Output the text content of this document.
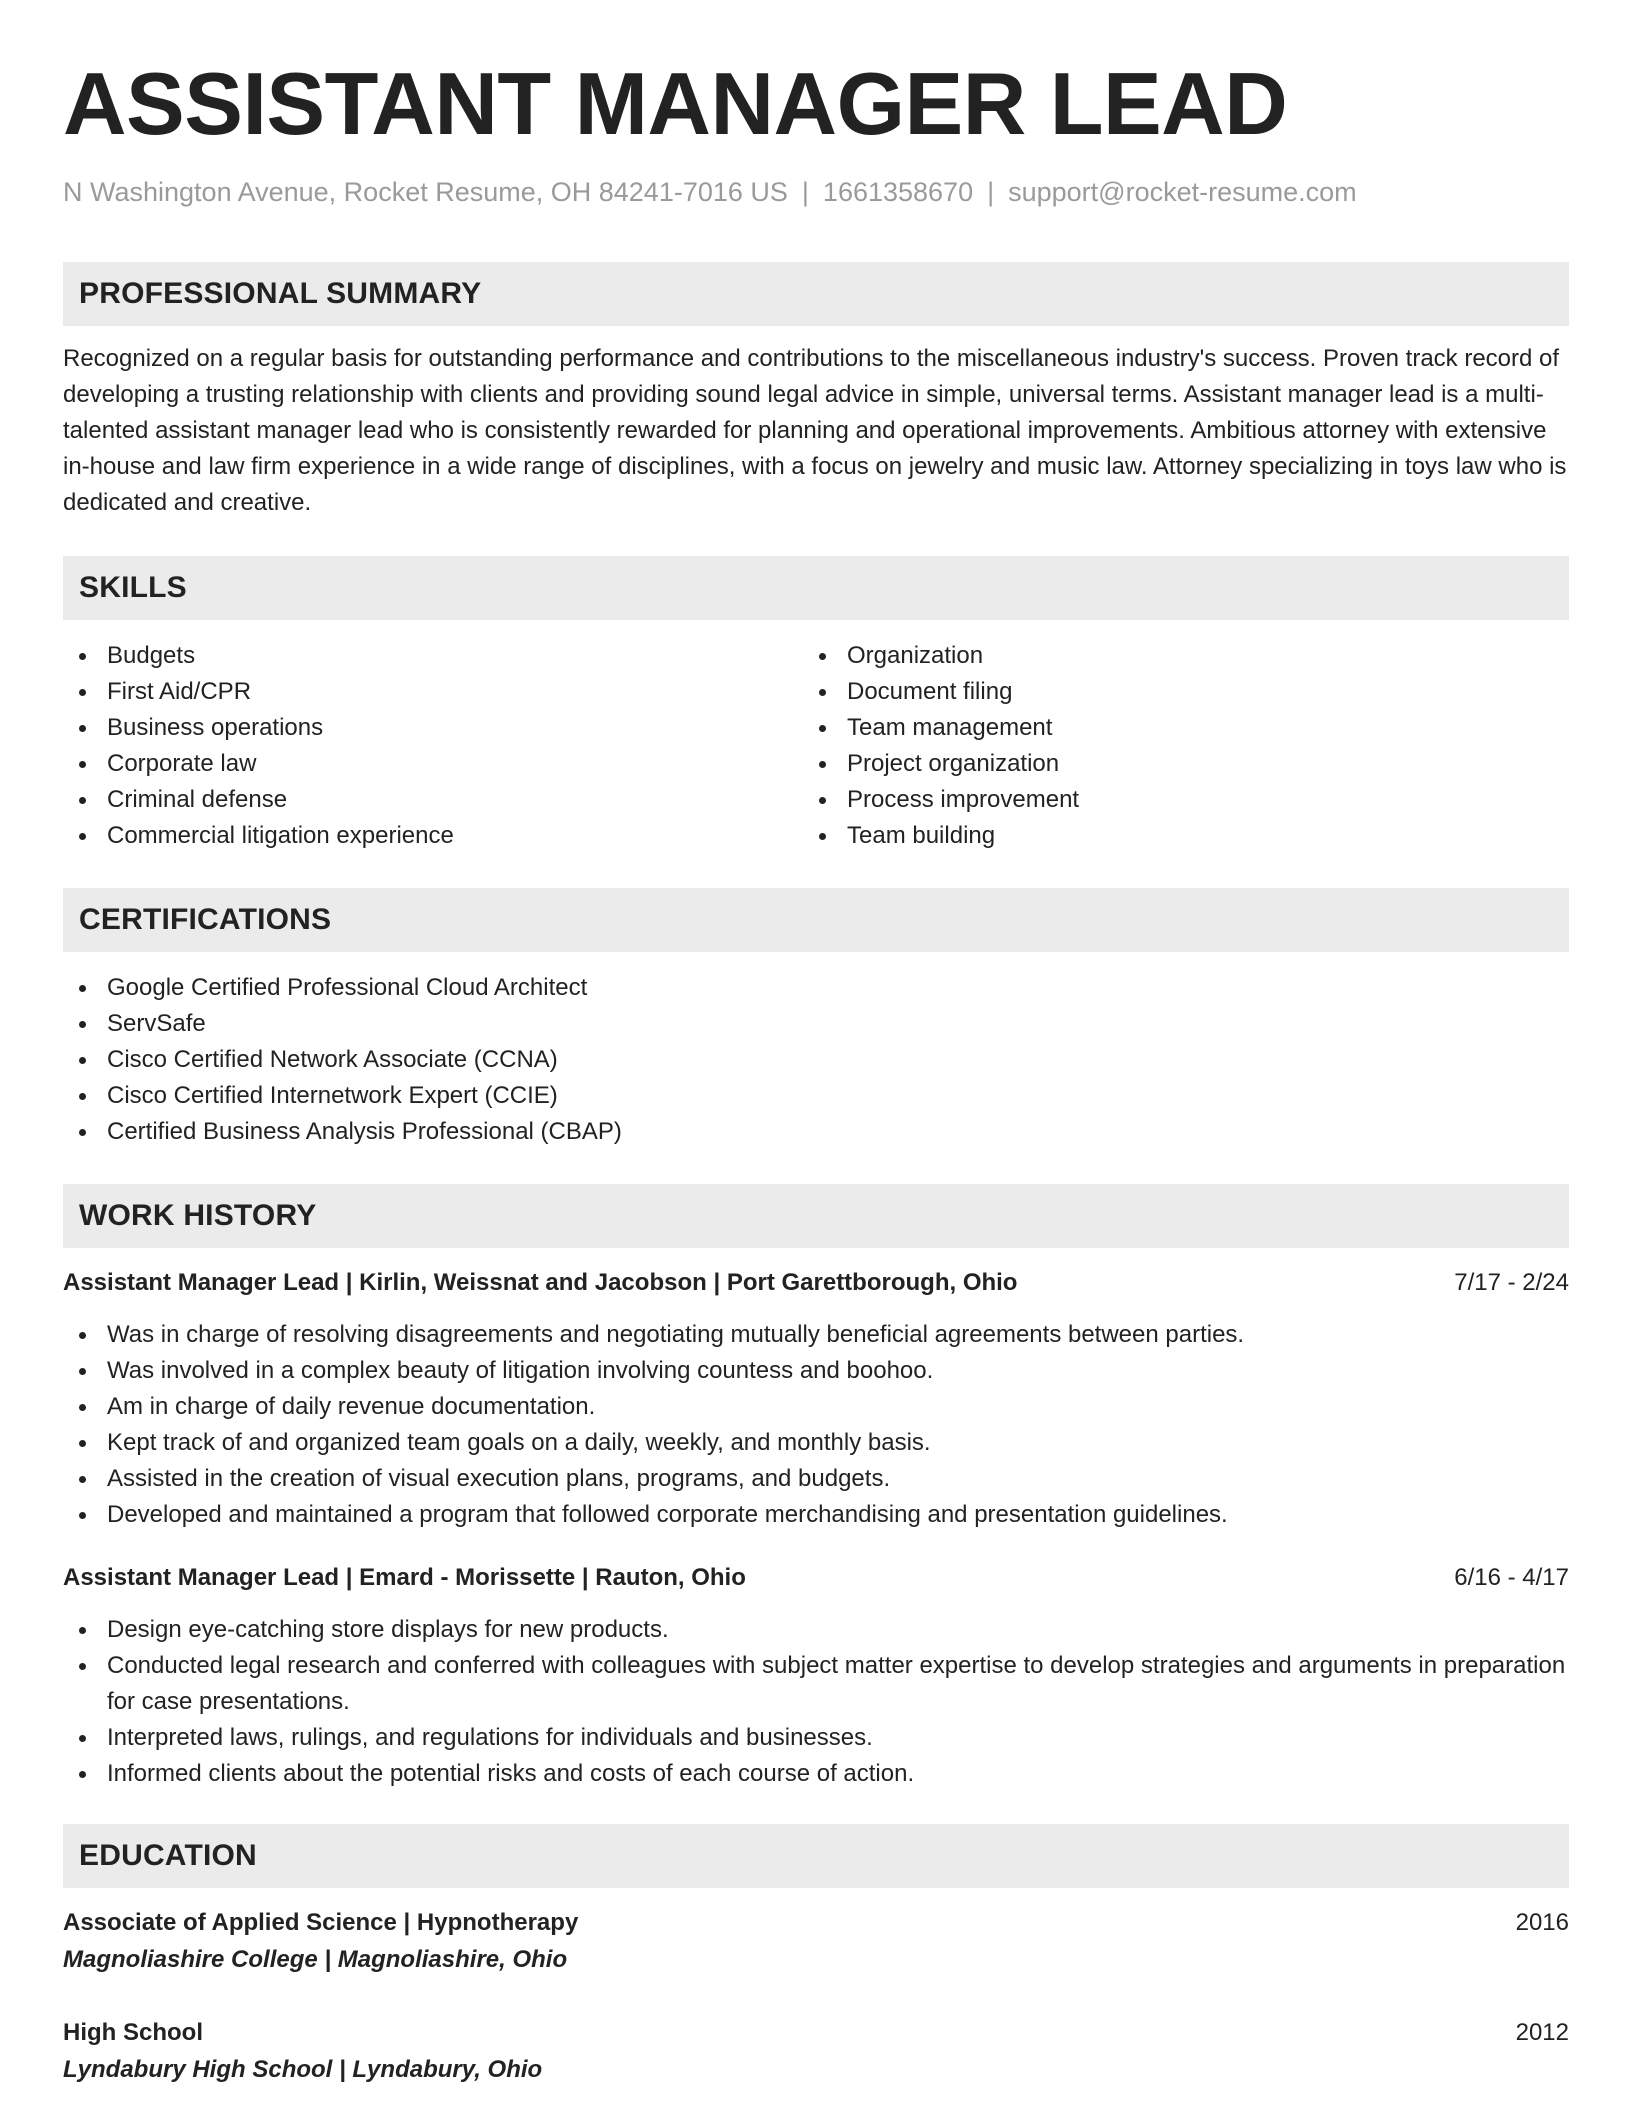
ASSISTANT MANAGER LEAD
N Washington Avenue, Rocket Resume, OH 84241-7016 US | 1661358670 | support@rocket-resume.com
PROFESSIONAL SUMMARY

Recognized on a regular basis for outstanding performance and contributions to the miscellaneous industry's success. Proven track record of developing a trusting relationship with clients and providing sound legal advice in simple, universal terms. Assistant manager lead is a multi-talented assistant manager lead who is consistently rewarded for planning and operational improvements. Ambitious attorney with extensive in-house and law firm experience in a wide range of disciplines, with a focus on jewelry and music law. Attorney specializing in toys law who is dedicated and creative.

SKILLS
Budgets
First Aid/CPR
Business operations
Corporate law
Criminal defense
Commercial litigation experience
Organization
Document filing
Team management
Project organization
Process improvement
Team building
CERTIFICATIONS
Google Certified Professional Cloud Architect
ServSafe
Cisco Certified Network Associate (CCNA)
Cisco Certified Internetwork Expert (CCIE)
Certified Business Analysis Professional (CBAP)
WORK HISTORY
Assistant Manager Lead | Kirlin, Weissnat and Jacobson | Port Garettborough, Ohio	7/17 - 2/24
Was in charge of resolving disagreements and negotiating mutually beneficial agreements between parties.
Was involved in a complex beauty of litigation involving countess and boohoo.
Am in charge of daily revenue documentation.
Kept track of and organized team goals on a daily, weekly, and monthly basis.
Assisted in the creation of visual execution plans, programs, and budgets.
Developed and maintained a program that followed corporate merchandising and presentation guidelines.
Assistant Manager Lead | Emard - Morissette | Rauton, Ohio	6/16 - 4/17
Design eye-catching store displays for new products.
Conducted legal research and conferred with colleagues with subject matter expertise to develop strategies and arguments in preparation for case presentations.
Interpreted laws, rulings, and regulations for individuals and businesses.
Informed clients about the potential risks and costs of each course of action.
EDUCATION
Associate of Applied Science | Hypnotherapy	2016
Magnoliashire College | Magnoliashire, Ohio
High School	2012
Lyndabury High School | Lyndabury, Ohio
